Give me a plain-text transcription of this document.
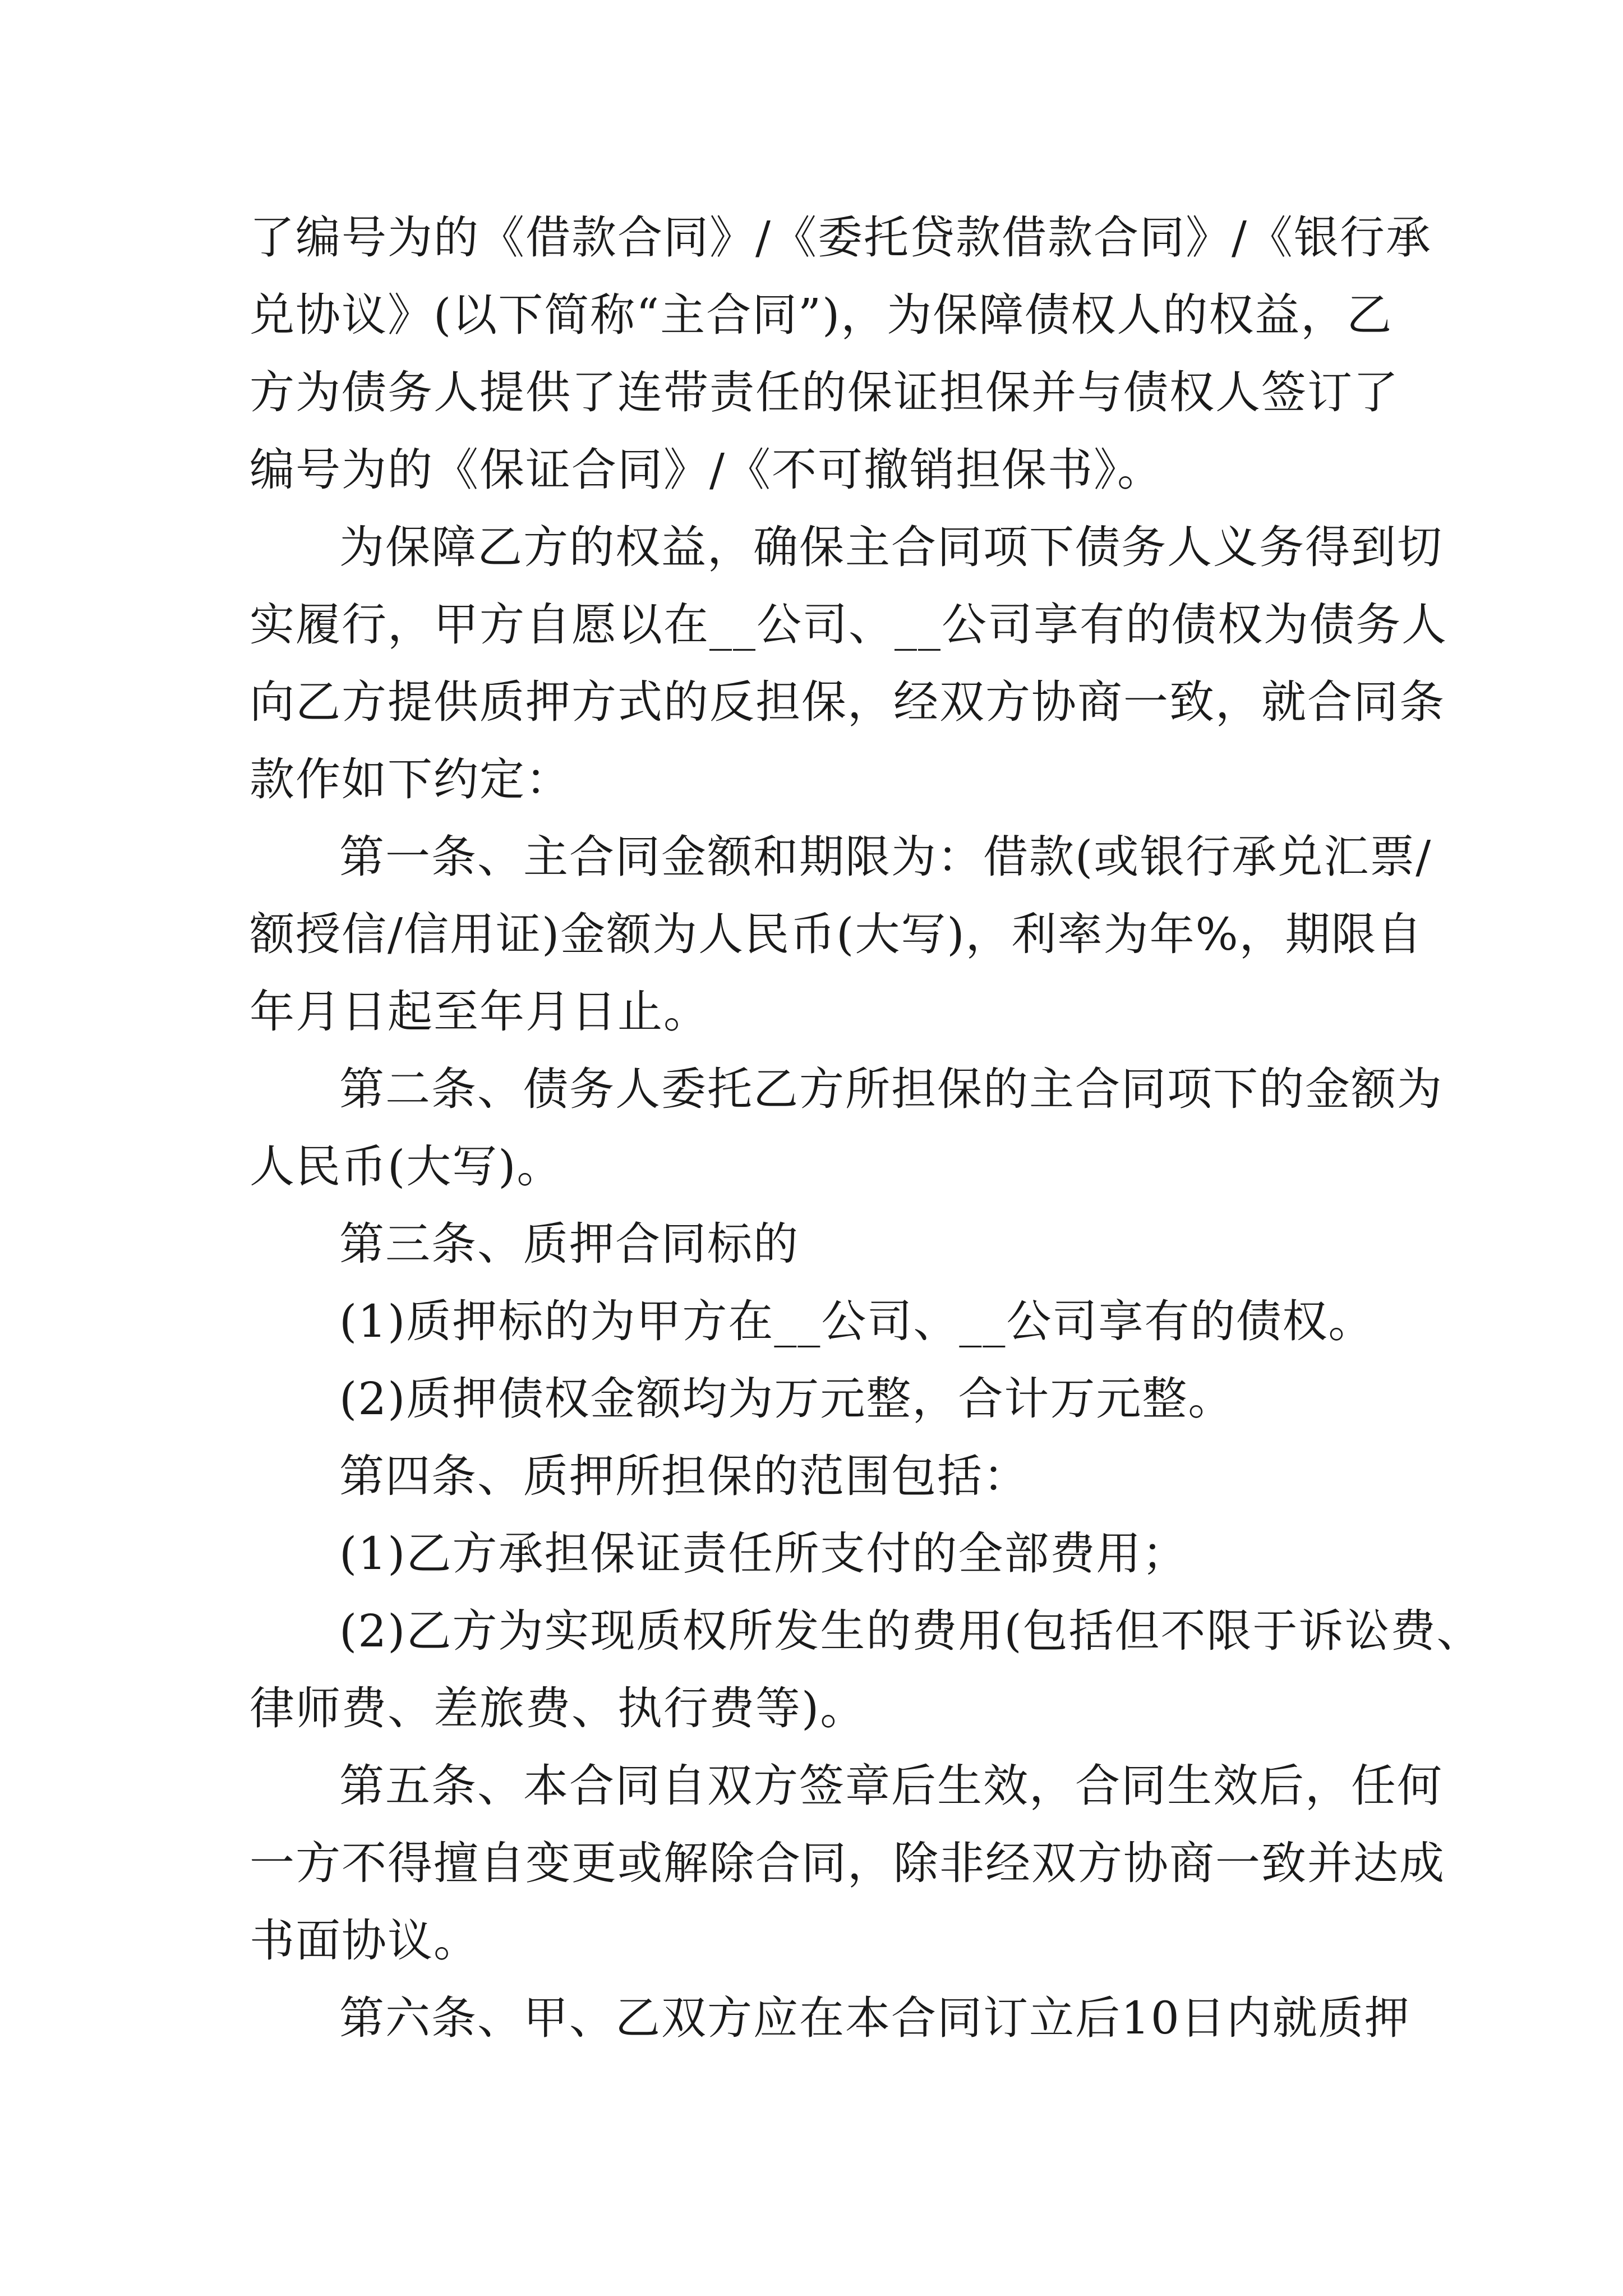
了编号为的《借款合同》/《委托贷款借款合同》/《银行承
兑协议》(以下简称“主合同”)，为保障债权人的权益，乙
方为债务人提供了连带责任的保证担保并与债权人签订了
编号为的《保证合同》/《不可撤销担保书》。
为保障乙方的权益，确保主合同项下债务人义务得到切
实履行，甲方自愿以在__公司、__公司享有的债权为债务人
向乙方提供质押方式的反担保，经双方协商一致，就合同条
款作如下约定：
第一条、主合同金额和期限为：借款(或银行承兑汇票/
额授信/信用证)金额为人民币(大写)，利率为年%，期限自
年月日起至年月日止。
第二条、债务人委托乙方所担保的主合同项下的金额为
人民币(大写)。
第三条、质押合同标的
(1)质押标的为甲方在__公司、__公司享有的债权。
(2)质押债权金额均为万元整，合计万元整。
第四条、质押所担保的范围包括：
(1)乙方承担保证责任所支付的全部费用；
(2)乙方为实现质权所发生的费用(包括但不限于诉讼费、
律师费、差旅费、执行费等)。
第五条、本合同自双方签章后生效，合同生效后，任何
一方不得擅自变更或解除合同，除非经双方协商一致并达成
书面协议。
第六条、甲、乙双方应在本合同订立后10日内就质押
